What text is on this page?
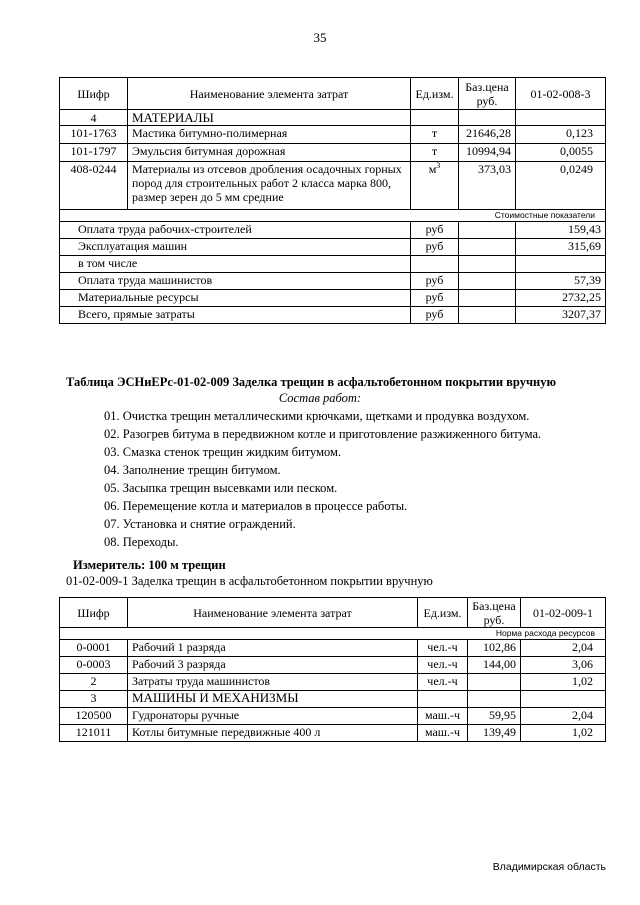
35
Шифр	Наименование элемента затрат	Ед.изм.	Баз.цена руб.	01-02-008-3
4	МАТЕРИАЛЫ			
101-1763	Мастика битумно-полимерная	т	21646,28	0,123
101-1797	Эмульсия битумная дорожная	т	10994,94	0,0055
408-0244	Материалы из отсевов дробления осадочных горных пород для строительных работ 2 класса марка 800, размер зерен до 5 мм средние	$м^3$	373,03	0,0249
Стоимостные показатели				
Оплата труда рабочих-строителей		руб		159,43
Эксплуатация машин		руб		315,69
в том числе				
Оплата труда машинистов		руб		57,39
Материальные ресурсы		руб		2732,25
Всего, прямые затраты		руб		3207,37
Таблица ЭСНиЕРс-01-02-009 Заделка трещин в асфальтобетонном покрытии вручную
Состав работ:
01. Очистка трещин металлическими крючками, щетками и продувка воздухом.
02. Разогрев битума в передвижном котле и приготовление разжиженного битума.
03. Смазка стенок трещин жидким битумом.
04. Заполнение трещин битумом.
05. Засыпка трещин высевками или песком.
06. Перемещение котла и материалов в процессе работы.
07. Установка и снятие ограждений.
08. Переходы.
Измеритель: 100 м трещин
01-02-009-1 Заделка трещин в асфальтобетонном покрытии вручную
Шифр	Наименование элемента затрат	Ед.изм.	Баз.цена руб.	01-02-009-1
Норма расхода ресурсов				
0-0001	Рабочий 1 разряда	чел.-ч	102,86	2,04
0-0003	Рабочий 3 разряда	чел.-ч	144,00	3,06
2	Затраты труда машинистов	чел.-ч		1,02
3	МАШИНЫ И МЕХАНИЗМЫ			
120500	Гудронаторы ручные	маш.-ч	59,95	2,04
121011	Котлы битумные передвижные 400 л	маш.-ч	139,49	1,02
Владимирская область
